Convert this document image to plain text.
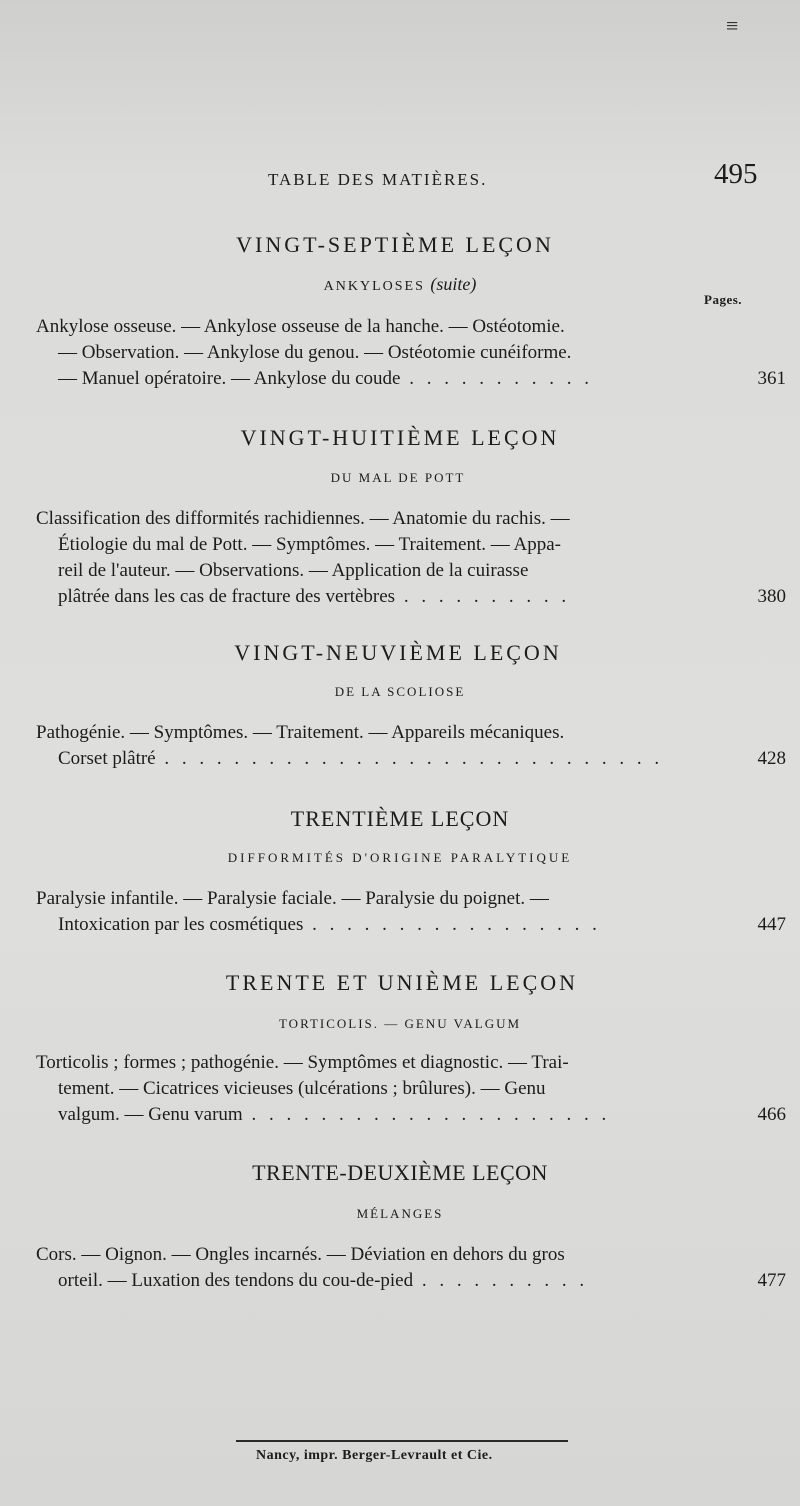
≡
TABLE DES MATIÈRES.	495
VINGT-SEPTIÈME LEÇON
ANKYLOSES (suite)
Pages.
Ankylose osseuse. — Ankylose osseuse de la hanche. — Ostéotomie.
— Observation. — Ankylose du genou. — Ostéotomie cunéiforme.
— Manuel opératoire. — Ankylose du coude . . . . . . . . . . .	361
VINGT-HUITIÈME LEÇON
DU MAL DE POTT
Classification des difformités rachidiennes. — Anatomie du rachis. —
Étiologie du mal de Pott. — Symptômes. — Traitement. — Appa-
reil de l'auteur. — Observations. — Application de la cuirasse
plâtrée dans les cas de fracture des vertèbres . . . . . . . . . .	380
VINGT-NEUVIÈME LEÇON
DE LA SCOLIOSE
Pathogénie. — Symptômes. — Traitement. — Appareils mécaniques.
Corset plâtré . . . . . . . . . . . . . . . . . . . . . . . . . . . . .	428
TRENTIÈME LEÇON
DIFFORMITÉS D'ORIGINE PARALYTIQUE
Paralysie infantile. — Paralysie faciale. — Paralysie du poignet. —
Intoxication par les cosmétiques . . . . . . . . . . . . . . . . .	447
TRENTE ET UNIÈME LEÇON
TORTICOLIS. — GENU VALGUM
Torticolis ; formes ; pathogénie. — Symptômes et diagnostic. — Trai-
tement. — Cicatrices vicieuses (ulcérations ; brûlures). — Genu
valgum. — Genu varum . . . . . . . . . . . . . . . . . . . . .	466
TRENTE-DEUXIÈME LEÇON
MÉLANGES
Cors. — Oignon. — Ongles incarnés. — Déviation en dehors du gros
orteil. — Luxation des tendons du cou-de-pied . . . . . . . . . .	477
Nancy, impr. Berger-Levrault et Cie.
